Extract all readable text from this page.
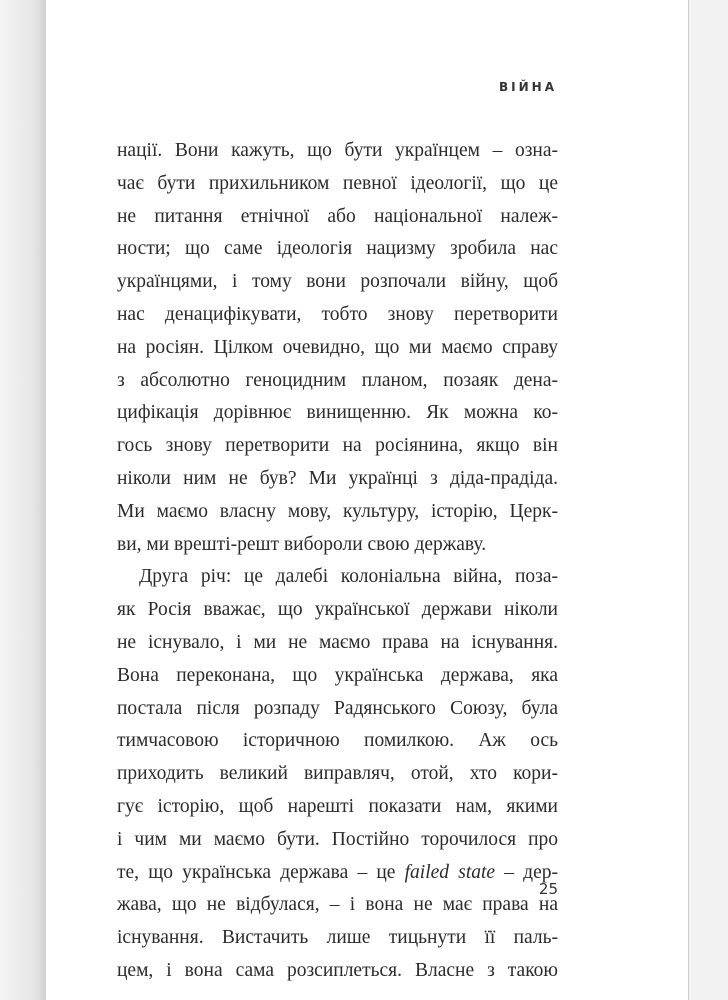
ВІЙНА
нації. Вони кажуть, що бути українцем – озна-
чає бути прихильником певної ідеології, що це
не питання етнічної або національної належ-
ности; що саме ідеологія нацизму зробила нас
українцями, і тому вони розпочали війну, щоб
нас денацифікувати, тобто знову перетворити
на росіян. Цілком очевидно, що ми маємо справу
з абсолютно геноцидним планом, позаяк дена-
цифікація дорівнює винищенню. Як можна ко-
гось знову перетворити на росіянина, якщо він
ніколи ним не був? Ми українці з діда-прадіда.
Ми маємо власну мову, культуру, історію, Церк-
ви, ми врешті-решт вибороли свою державу.
Друга річ: це далебі колоніальна війна, поза-
як Росія вважає, що української держави ніколи
не існувало, і ми не маємо права на існування.
Вона переконана, що українська держава, яка
постала після розпаду Радянського Союзу, була
тимчасовою історичною помилкою. Аж ось
приходить великий виправляч, отой, хто кори-
гує історію, щоб нарешті показати нам, якими
і чим ми маємо бути. Постійно торочилося про
те, що українська держава – це failed state – дер-
жава, що не відбулася, – і вона не має права на
існування. Вистачить лише тицьнути її паль-
цем, і вона сама розсиплеться. Власне з такою
25
